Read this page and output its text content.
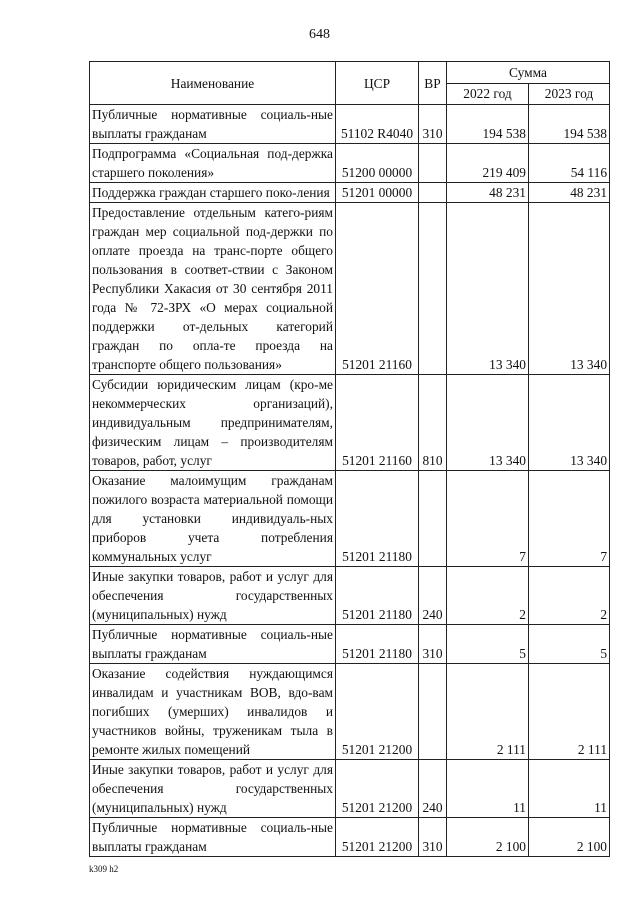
648
Наименование	ЦСР	ВР	Сумма	
			2022 год	2023 год
Публичные нормативные социаль-ные выплаты гражданам	51102 R4040	310	194 538	194 538
Подпрограмма «Социальная под-держка старшего поколения»	51200 00000		219 409	54 116
Поддержка граждан старшего поко-ления	51201 00000		48 231	48 231
Предоставление отдельным катего-риям граждан мер социальной под-держки по оплате проезда на транс-порте общего пользования в соответ-ствии с Законом Республики Хакасия от 30 сентября 2011 года № 72-ЗРХ «О мерах социальной поддержки от-дельных категорий граждан по опла-те проезда на транспорте общего пользования»	51201 21160		13 340	13 340
Субсидии юридическим лицам (кро-ме некоммерческих организаций), индивидуальным предпринимателям, физическим лицам – производителям товаров, работ, услуг	51201 21160	810	13 340	13 340
Оказание малоимущим гражданам пожилого возраста материальной помощи для установки индивидуаль-ных приборов учета потребления коммунальных услуг	51201 21180		7	7
Иные закупки товаров, работ и услуг для обеспечения государственных (муниципальных) нужд	51201 21180	240	2	2
Публичные нормативные социаль-ные выплаты гражданам	51201 21180	310	5	5
Оказание содействия нуждающимся инвалидам и участникам ВОВ, вдо-вам погибших (умерших) инвалидов и участников войны, труженикам тыла в ремонте жилых помещений	51201 21200		2 111	2 111
Иные закупки товаров, работ и услуг для обеспечения государственных (муниципальных) нужд	51201 21200	240	11	11
Публичные нормативные социаль-ные выплаты гражданам	51201 21200	310	2 100	2 100
k309 h2
